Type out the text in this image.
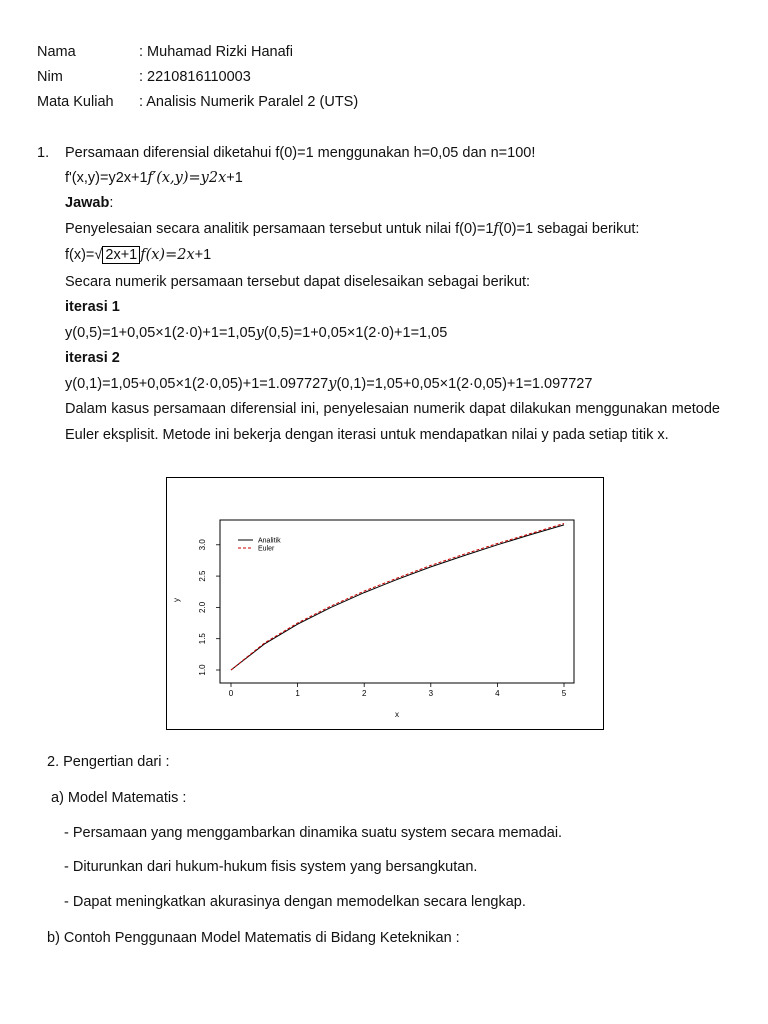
Nama	: Muhamad Rizki Hanafi
Nim	: 2210816110003
Mata Kuliah : Analisis Numerik Paralel 2 (UTS)
1. Persamaan diferensial diketahui f(0)=1 menggunakan h=0,05 dan n=100!
f'(x,y)=y2x+1f′(x,y)=y2x+1
Jawab:
Penyelesaian secara analitik persamaan tersebut untuk nilai f(0)=1f(0)=1 sebagai berikut:
f(x)=√ 2x+1 f(x)=2x+1
Secara numerik persamaan tersebut dapat diselesaikan sebagai berikut:
iterasi 1
y(0,5)=1+0,05×1(2·0)+1=1,05y(0,5)=1+0,05×1(2·0)+1=1,05
iterasi 2
y(0,1)=1,05+0,05×1(2·0,05)+1=1.097727y(0,1)=1,05+0,05×1(2·0,05)+1=1.097727
Dalam kasus persamaan diferensial ini, penyelesaian numerik dapat dilakukan menggunakan metode Euler eksplisit. Metode ini bekerja dengan iterasi untuk mendapatkan nilai y pada setiap titik x.
0	1	2	3	4	5
1.0
1.5
2.0
2.5
3.0	Analitik
Euler
x
y
2. Pengertian dari :
a) Model Matematis :
- Persamaan yang menggambarkan dinamika suatu system secara memadai.
- Diturunkan dari hukum-hukum fisis system yang bersangkutan.
- Dapat meningkatkan akurasinya dengan memodelkan secara lengkap.
b) Contoh Penggunaan Model Matematis di Bidang Keteknikan :
